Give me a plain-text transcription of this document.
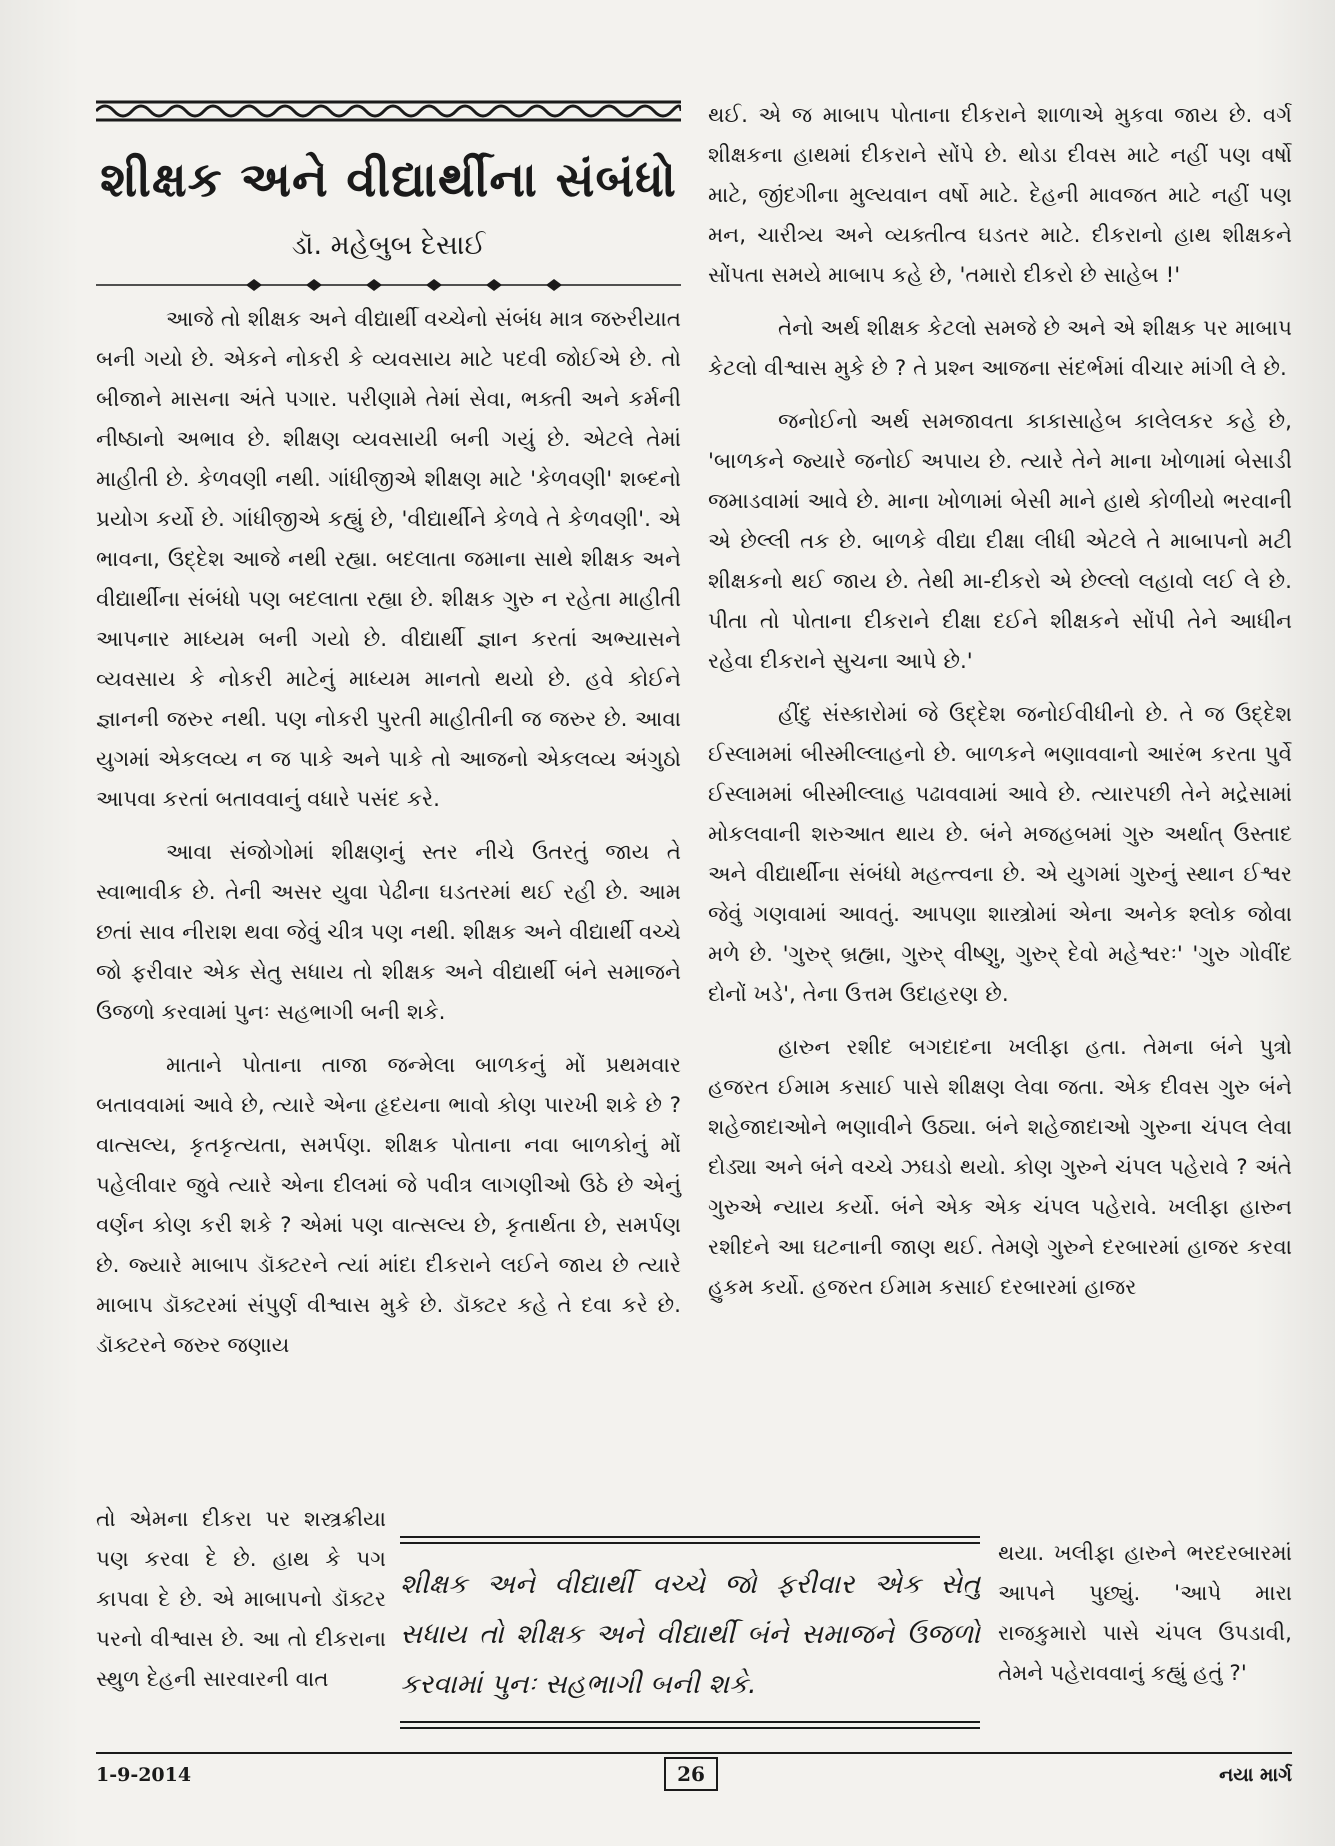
શીક્ષક અને વીદ્યાર્થીના સંબંધો
ડૉ. મહેબુબ દેસાઈ

આજે તો શીક્ષક અને વીદ્યાર્થી વચ્ચેનો સંબંધ માત્ર જરુરીયાત બની ગયો છે. એકને નોકરી કે વ્યવસાય માટે પદવી જોઈએ છે. તો બીજાને માસના અંતે પગાર. પરીણામે તેમાં સેવા, ભક્તી અને કર્મની નીષ્ઠાનો અભાવ છે. શીક્ષણ વ્યવસાયી બની ગયું છે. એટલે તેમાં માહીતી છે. કેળવણી નથી. ગાંધીજીએ શીક્ષણ માટે 'કેળવણી' શબ્દનો પ્રયોગ કર્યો છે. ગાંધીજીએ કહ્યું છે, 'વીદ્યાર્થીને કેળવે તે કેળવણી'. એ ભાવના, ઉદ્દેશ આજે નથી રહ્યા. બદલાતા જમાના સાથે શીક્ષક અને વીદ્યાર્થીના સંબંધો પણ બદલાતા રહ્યા છે. શીક્ષક ગુરુ ન રહેતા માહીતી આપનાર માધ્યમ બની ગયો છે. વીદ્યાર્થી જ્ઞાન કરતાં અભ્યાસને વ્યવસાય કે નોકરી માટેનું માધ્યમ માનતો થયો છે. હવે કોઈને જ્ઞાનની જરુર નથી. પણ નોકરી પુરતી માહીતીની જ જરુર છે. આવા યુગમાં એકલવ્ય ન જ પાકે અને પાકે તો આજનો એકલવ્ય અંગુઠો આપવા કરતાં બતાવવાનું વધારે પસંદ કરે.

આવા સંજોગોમાં શીક્ષણનું સ્તર નીચે ઉતરતું જાય તે સ્વાભાવીક છે. તેની અસર યુવા પેઢીના ઘડતરમાં થઈ રહી છે. આમ છતાં સાવ નીરાશ થવા જેવું ચીત્ર પણ નથી. શીક્ષક અને વીદ્યાર્થી વચ્ચે જો ફરીવાર એક સેતુ સધાય તો શીક્ષક અને વીદ્યાર્થી બંને સમાજને ઉજળો કરવામાં પુનઃ સહભાગી બની શકે.

માતાને પોતાના તાજા જન્મેલા બાળકનું મોં પ્રથમવાર બતાવવામાં આવે છે, ત્યારે એના હૃદયના ભાવો કોણ પારખી શકે છે ? વાત્સલ્ય, કૃતકૃત્યતા, સમર્પણ. શીક્ષક પોતાના નવા બાળકોનું મોં પહેલીવાર જુવે ત્યારે એના દીલમાં જે પવીત્ર લાગણીઓ ઉઠે છે એનું વર્ણન કોણ કરી શકે ? એમાં પણ વાત્સલ્ય છે, કૃતાર્થતા છે, સમર્પણ છે. જ્યારે માબાપ ડૉક્ટરને ત્યાં માંદા દીકરાને લઈને જાય છે ત્યારે માબાપ ડૉક્ટરમાં સંપુર્ણ વીશ્વાસ મુકે છે. ડૉક્ટર કહે તે દવા કરે છે. ડૉક્ટરને જરુર જણાય

તો એમના દીકરા પર શસ્ત્રક્રીયા પણ કરવા દે છે. હાથ કે પગ કાપવા દે છે. એ માબાપનો ડૉક્ટર પરનો વીશ્વાસ છે. આ તો દીકરાના સ્થુળ દેહની સારવારની વાત

થઈ. એ જ માબાપ પોતાના દીકરાને શાળાએ મુકવા જાય છે. વર્ગ શીક્ષકના હાથમાં દીકરાને સોંપે છે. થોડા દીવસ માટે નહીં પણ વર્ષો માટે, જીંદગીના મુલ્યવાન વર્ષો માટે. દેહની માવજત માટે નહીં પણ મન, ચારીત્ર્ય અને વ્યક્તીત્વ ઘડતર માટે. દીકરાનો હાથ શીક્ષકને સોંપતા સમયે માબાપ કહે છે, 'તમારો દીકરો છે સાહેબ !'

તેનો અર્થ શીક્ષક કેટલો સમજે છે અને એ શીક્ષક પર માબાપ કેટલો વીશ્વાસ મુકે છે ? તે પ્રશ્ન આજના સંદર્ભમાં વીચાર માંગી લે છે.

જનોઈનો અર્થ સમજાવતા કાકાસાહેબ કાલેલકર કહે છે, 'બાળકને જ્યારે જનોઈ અપાય છે. ત્યારે તેને માના ખોળામાં બેસાડી જમાડવામાં આવે છે. માના ખોળામાં બેસી માને હાથે કોળીયો ભરવાની એ છેલ્લી તક છે. બાળકે વીદ્યા દીક્ષા લીધી એટલે તે માબાપનો મટી શીક્ષકનો થઈ જાય છે. તેથી મા-દીકરો એ છેલ્લો લહાવો લઈ લે છે. પીતા તો પોતાના દીકરાને દીક્ષા દઈને શીક્ષકને સોંપી તેને આધીન રહેવા દીકરાને સુચના આપે છે.'

હીંદુ સંસ્કારોમાં જે ઉદ્દેશ જનોઈવીધીનો છે. તે જ ઉદ્દેશ ઈસ્લામમાં બીસ્મીલ્લાહનો છે. બાળકને ભણાવવાનો આરંભ કરતા પુર્વે ઈસ્લામમાં બીસ્મીલ્લાહ પઢાવવામાં આવે છે. ત્યારપછી તેને મદ્રેસામાં મોકલવાની શરુઆત થાય છે. બંને મજહબમાં ગુરુ અર્થાત્ ઉસ્તાદ અને વીદ્યાર્થીના સંબંધો મહત્ત્વના છે. એ યુગમાં ગુરુનું સ્થાન ઈશ્વર જેવું ગણવામાં આવતું. આપણા શાસ્ત્રોમાં એના અનેક શ્લોક જોવા મળે છે. 'ગુરુર્ બ્રહ્મા, ગુરુર્ વીષ્ણુ, ગુરુર્ દેવો મહેશ્વરઃ' 'ગુરુ ગોવીંદ દોનોં ખડે', તેના ઉત્તમ ઉદાહરણ છે.

હારુન રશીદ બગદાદના ખલીફા હતા. તેમના બંને પુત્રો હજરત ઈમામ કસાઈ પાસે શીક્ષણ લેવા જતા. એક દીવસ ગુરુ બંને શહેજાદાઓને ભણાવીને ઉઠ્યા. બંને શહેજાદાઓ ગુરુના ચંપલ લેવા દોડ્યા અને બંને વચ્ચે ઝઘડો થયો. કોણ ગુરુને ચંપલ પહેરાવે ? અંતે ગુરુએ ન્યાય કર્યો. બંને એક એક ચંપલ પહેરાવે. ખલીફા હારુન રશીદને આ ઘટનાની જાણ થઈ. તેમણે ગુરુને દરબારમાં હાજર કરવા હુકમ કર્યો. હજરત ઈમામ કસાઈ દરબારમાં હાજર

થયા. ખલીફા હારુને ભરદરબારમાં આપને પુછ્યું. 'આપે મારા રાજકુમારો પાસે ચંપલ ઉપડાવી, તેમને પહેરાવવાનું કહ્યું હતું ?'
શીક્ષક અને વીદ્યાર્થી વચ્ચે જો ફરીવાર એક સેતુ સધાય તો શીક્ષક અને વીદ્યાર્થી બંને સમાજને ઉજળો કરવામાં પુનઃ સહભાગી બની શકે.
1-9-2014	26	નયા માર્ગ
